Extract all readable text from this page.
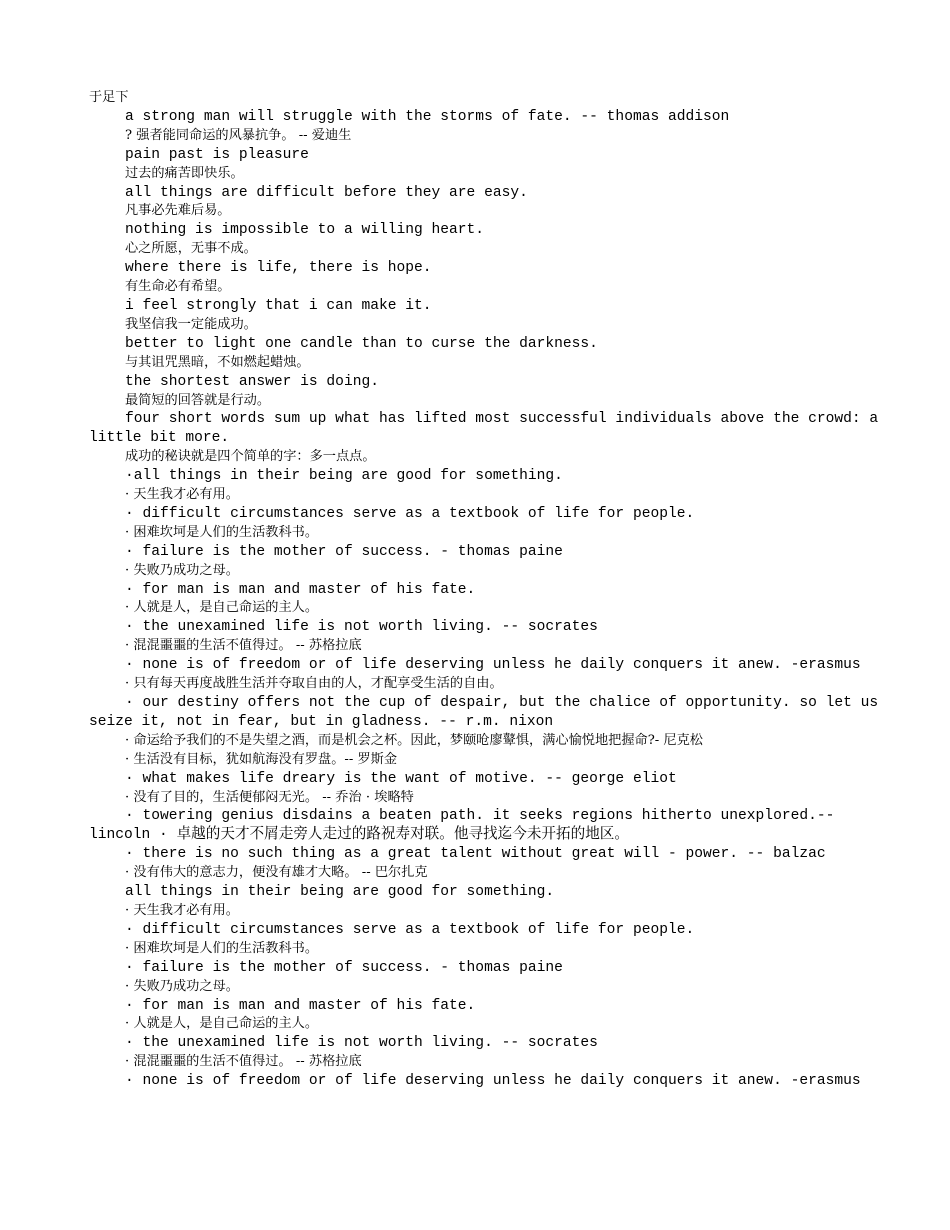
于足下

a strong man will struggle with the storms of fate. -- thomas addison

? 强者能同命运的风暴抗争。 -- 爱迪生

pain past is pleasure

过去的痛苦即快乐。

all things are difficult before they are easy.

凡事必先难后易。

nothing is impossible to a willing heart.

心之所愿，无事不成。

where there is life, there is hope.

有生命必有希望。

i feel strongly that i can make it.

我坚信我一定能成功。

better to light one candle than to curse the darkness.

与其诅咒黑暗，不如燃起蜡烛。

the shortest answer is doing.

最简短的回答就是行动。

four short words sum up what has lifted most successful individuals above the crowd: a little bit more.

成功的秘诀就是四个简单的字：多一点点。

·all things in their being are good for something.

· 天生我才必有用。

· difficult circumstances serve as a textbook of life for people.

· 困难坎坷是人们的生活教科书。

· failure is the mother of success. - thomas paine

· 失败乃成功之母。

· for man is man and master of his fate.

· 人就是人，是自己命运的主人。

· the unexamined life is not worth living. -- socrates

· 混混噩噩的生活不值得过。 -- 苏格拉底

· none is of freedom or of life deserving unless he daily conquers it anew. -erasmus

· 只有每天再度战胜生活并夺取自由的人，才配享受生活的自由。

· our destiny offers not the cup of despair, but the chalice of opportunity. so let us seize it, not in fear, but in gladness. -- r.m. nixon

· 命运给予我们的不是失望之酒，而是机会之杯。因此，梦颐呛廖鼙惧，满心愉悦地把握命?- 尼克松

· 生活没有目标，犹如航海没有罗盘。-- 罗斯金

· what makes life dreary is the want of motive. -- george eliot

· 没有了目的，生活便郁闷无光。 -- 乔治 · 埃略特

· towering genius disdains a beaten path. it seeks regions hitherto unexplored.-- lincoln · 卓越的天才不屑走旁人走过的路祝寿对联。他寻找迄今未开拓的地区。

· there is no such thing as a great talent without great will - power. -- balzac

· 没有伟大的意志力，便没有雄才大略。 -- 巴尔扎克

all things in their being are good for something.

· 天生我才必有用。

· difficult circumstances serve as a textbook of life for people.

· 困难坎坷是人们的生活教科书。

· failure is the mother of success. - thomas paine

· 失败乃成功之母。

· for man is man and master of his fate.

· 人就是人，是自己命运的主人。

· the unexamined life is not worth living. -- socrates

· 混混噩噩的生活不值得过。 -- 苏格拉底

· none is of freedom or of life deserving unless he daily conquers it anew. -erasmus
